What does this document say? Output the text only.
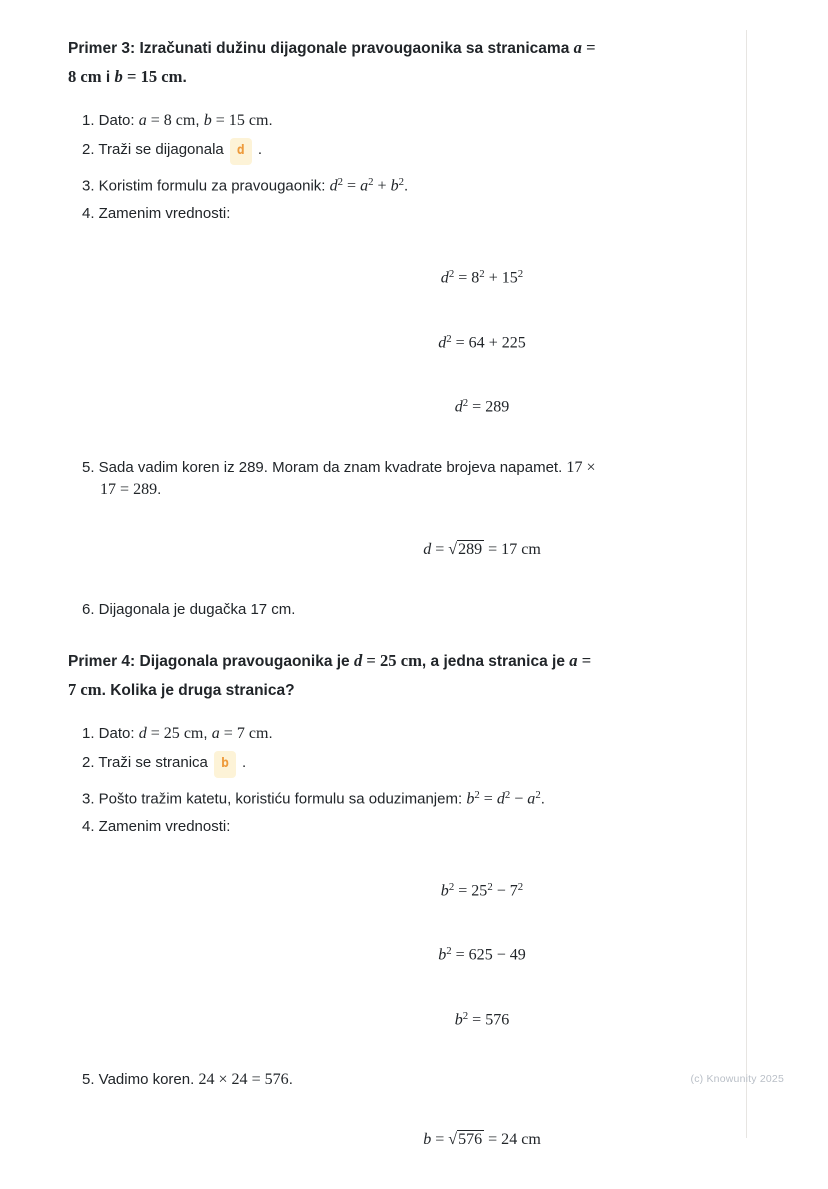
Primer 3: Izračunati dužinu dijagonale pravougaonika sa stranicama a =
8 cm i b = 15 cm.
1. Dato: a = 8 cm, b = 15 cm.
2. Traži se dijagonala d .
3. Koristim formulu za pravougaonik: $d^2 = a^2 + b^2$.
4. Zamenim vrednosti:
$d^2 = 8^2 + 15^2$
$d^2 = 64 + 225$
$d^2 = 289$
5. Sada vadim koren iz 289. Moram da znam kvadrate brojeva napamet. 17 ×
17 = 289.
d = √289 = 17 cm
6. Dijagonala je dugačka 17 cm.
Primer 4: Dijagonala pravougaonika je d = 25 cm, a jedna stranica je a =
7 cm. Kolika je druga stranica?
1. Dato: d = 25 cm, a = 7 cm.
2. Traži se stranica b .
3. Pošto tražim katetu, koristiću formulu sa oduzimanjem: $b^2 = d^2 - a^2$.
4. Zamenim vrednosti:
$b^2 = 25^2 - 7^2$
$b^2 = 625 - 49$
$b^2 = 576$
5. Vadimo koren. 24 × 24 = 576.
b = √576 = 24 cm
(c) Knowunity 2025
